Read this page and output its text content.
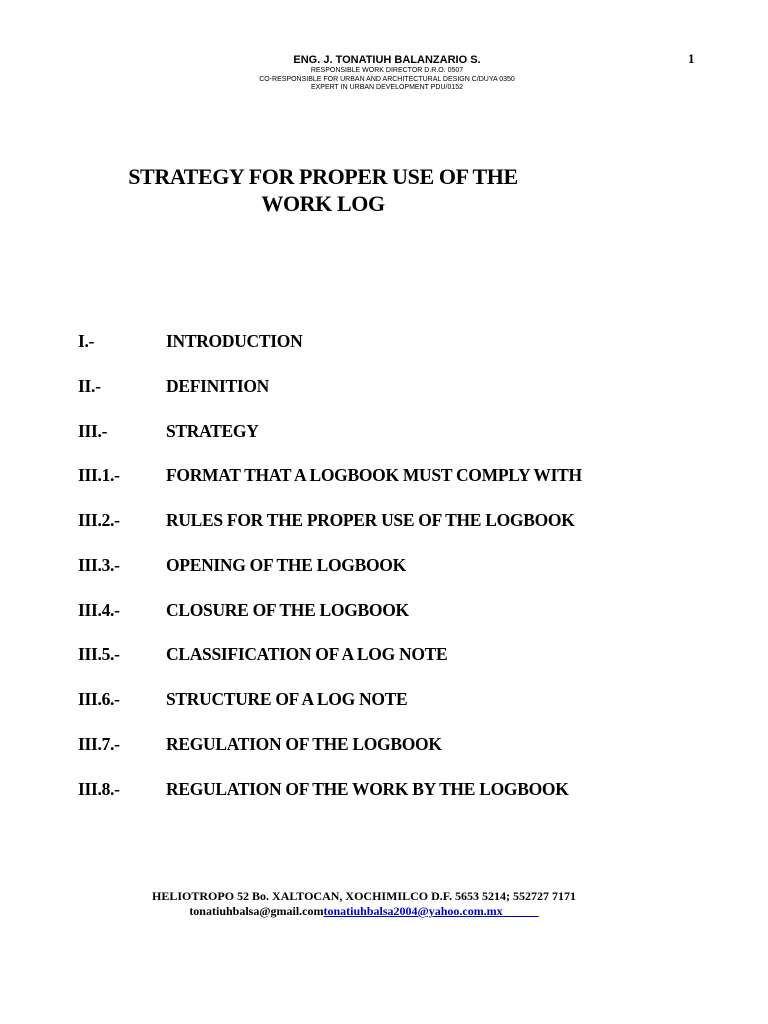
1
ENG. J. TONATIUH BALANZARIO S.
RESPONSIBLE WORK DIRECTOR D.R.O. 0507
CO-RESPONSIBLE FOR URBAN AND ARCHITECTURAL DESIGN C/DUYA 0350
EXPERT IN URBAN DEVELOPMENT PDU/0152
STRATEGY FOR PROPER USE OF THE
WORK LOG
I.-	INTRODUCTION
II.-	DEFINITION
III.-	STRATEGY
III.1.-	FORMAT THAT A LOGBOOK MUST COMPLY WITH
III.2.-	RULES FOR THE PROPER USE OF THE LOGBOOK
III.3.-	OPENING OF THE LOGBOOK
III.4.-	CLOSURE OF THE LOGBOOK
III.5.-	CLASSIFICATION OF A LOG NOTE
III.6.-	STRUCTURE OF A LOG NOTE
III.7.-	REGULATION OF THE LOGBOOK
III.8.-	REGULATION OF THE WORK BY THE LOGBOOK
HELIOTROPO 52 Bo. XALTOCAN, XOCHIMILCO D.F. 5653 5214; 552727 7171
tonatiuhbalsa@gmail.comtonatiuhbalsa2004@yahoo.com.mx
